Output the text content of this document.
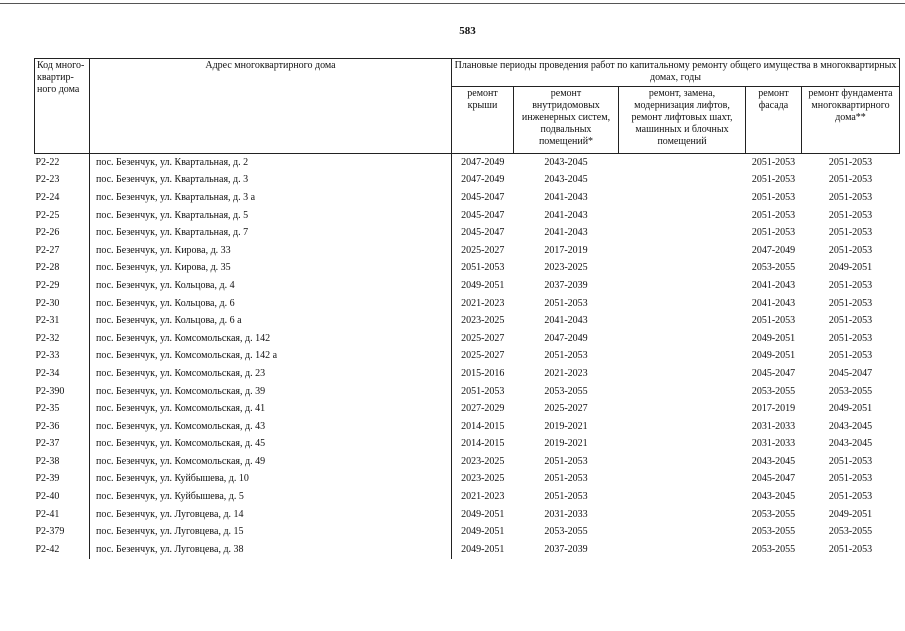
583
Код много-квартир-ного дома	Адрес многоквартирного дома	Плановые периоды проведения работ по капитальному ремонту общего имущества в многоквартирных домах, годы				
		ремонт крыши	ремонт внутридомовых инженерных систем, подвальных помещений*	ремонт, замена, модернизация лифтов, ремонт лифтовых шахт, машинных и блочных помещений	ремонт фасада	ремонт фундамента многоквартирного дома**
P2-22	пос. Безенчук, ул. Квартальная, д. 2	2047-2049	2043-2045		2051-2053	2051-2053
P2-23	пос. Безенчук, ул. Квартальная, д. 3	2047-2049	2043-2045		2051-2053	2051-2053
P2-24	пос. Безенчук, ул. Квартальная, д. 3 а	2045-2047	2041-2043		2051-2053	2051-2053
P2-25	пос. Безенчук, ул. Квартальная, д. 5	2045-2047	2041-2043		2051-2053	2051-2053
P2-26	пос. Безенчук, ул. Квартальная, д. 7	2045-2047	2041-2043		2051-2053	2051-2053
P2-27	пос. Безенчук, ул. Кирова, д. 33	2025-2027	2017-2019		2047-2049	2051-2053
P2-28	пос. Безенчук, ул. Кирова, д. 35	2051-2053	2023-2025		2053-2055	2049-2051
P2-29	пос. Безенчук, ул. Кольцова, д. 4	2049-2051	2037-2039		2041-2043	2051-2053
P2-30	пос. Безенчук, ул. Кольцова, д. 6	2021-2023	2051-2053		2041-2043	2051-2053
P2-31	пос. Безенчук, ул. Кольцова, д. 6 а	2023-2025	2041-2043		2051-2053	2051-2053
P2-32	пос. Безенчук, ул. Комсомольская, д. 142	2025-2027	2047-2049		2049-2051	2051-2053
P2-33	пос. Безенчук, ул. Комсомольская, д. 142 а	2025-2027	2051-2053		2049-2051	2051-2053
P2-34	пос. Безенчук, ул. Комсомольская, д. 23	2015-2016	2021-2023		2045-2047	2045-2047
P2-390	пос. Безенчук, ул. Комсомольская, д. 39	2051-2053	2053-2055		2053-2055	2053-2055
P2-35	пос. Безенчук, ул. Комсомольская, д. 41	2027-2029	2025-2027		2017-2019	2049-2051
P2-36	пос. Безенчук, ул. Комсомольская, д. 43	2014-2015	2019-2021		2031-2033	2043-2045
P2-37	пос. Безенчук, ул. Комсомольская, д. 45	2014-2015	2019-2021		2031-2033	2043-2045
P2-38	пос. Безенчук, ул. Комсомольская, д. 49	2023-2025	2051-2053		2043-2045	2051-2053
P2-39	пос. Безенчук, ул. Куйбышева, д. 10	2023-2025	2051-2053		2045-2047	2051-2053
P2-40	пос. Безенчук, ул. Куйбышева, д. 5	2021-2023	2051-2053		2043-2045	2051-2053
P2-41	пос. Безенчук, ул. Луговцева, д. 14	2049-2051	2031-2033		2053-2055	2049-2051
P2-379	пос. Безенчук, ул. Луговцева, д. 15	2049-2051	2053-2055		2053-2055	2053-2055
P2-42	пос. Безенчук, ул. Луговцева, д. 38	2049-2051	2037-2039		2053-2055	2051-2053
